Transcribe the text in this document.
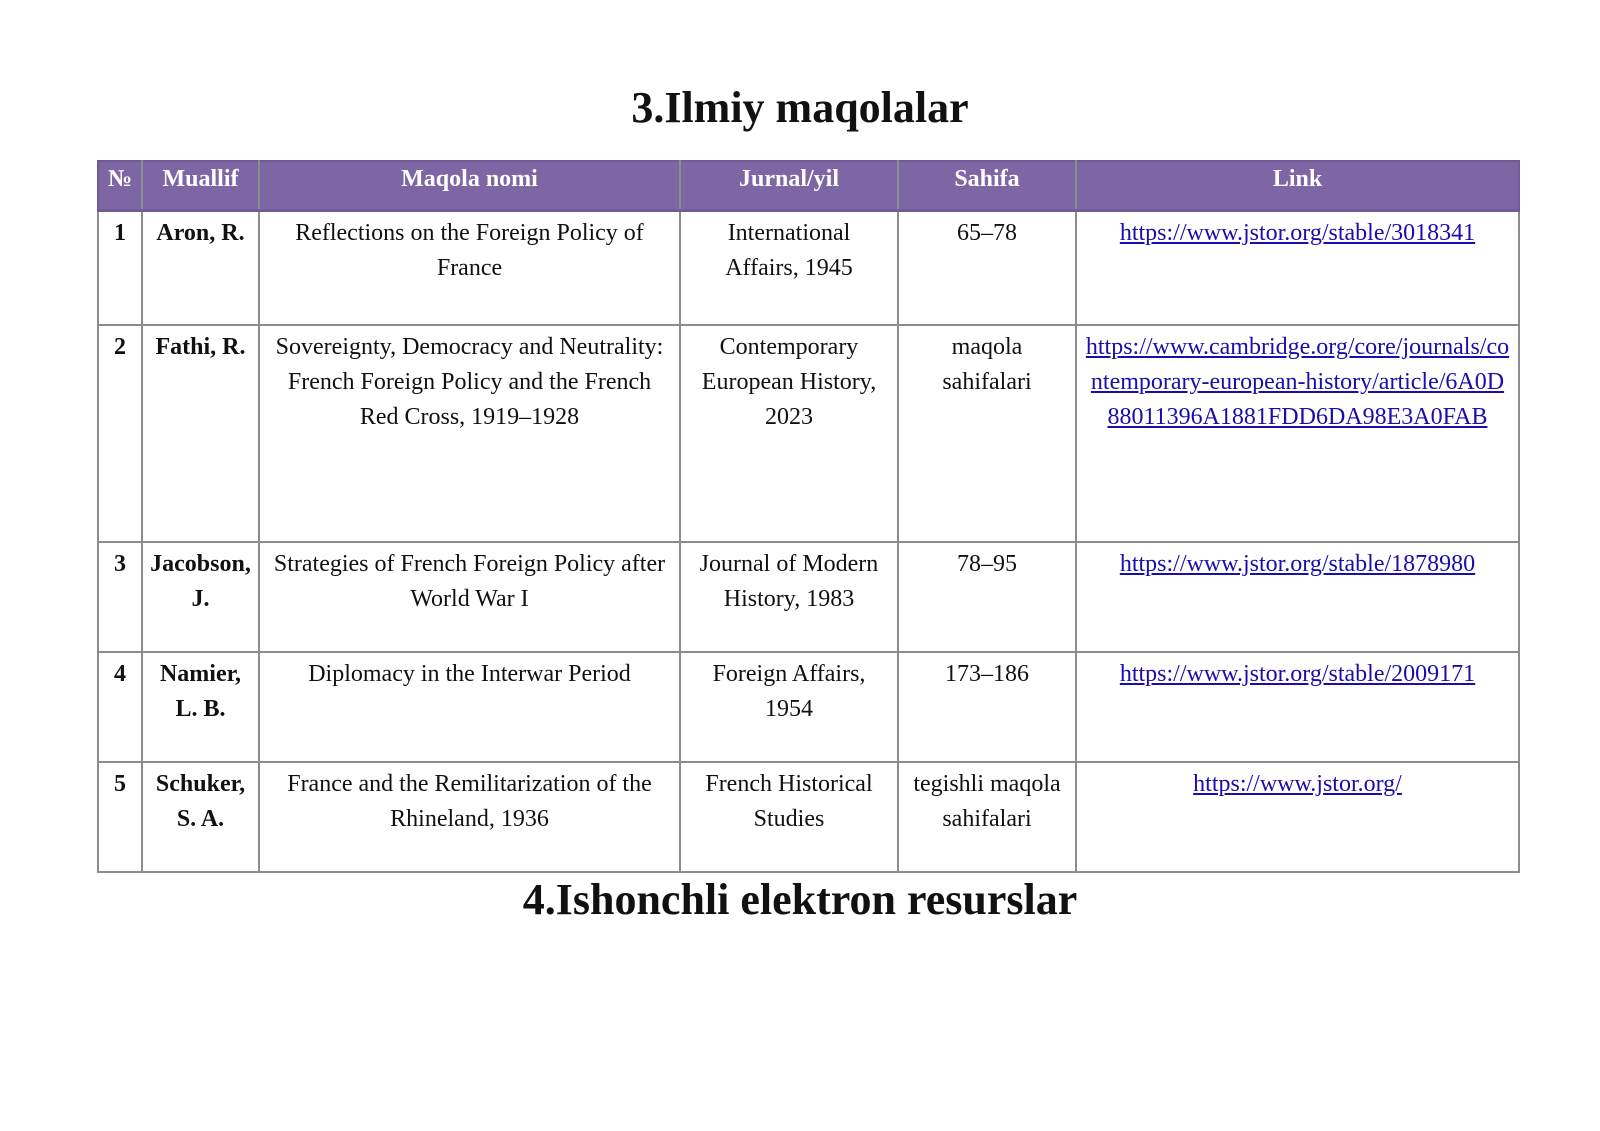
3.Ilmiy maqolalar
№	Muallif	Maqola nomi	Jurnal/yil	Sahifa	Link
1	Aron, R.	Reflections on the Foreign Policy of France	International Affairs, 1945	65–78	https://www.jstor.org/stable/3018341
2	Fathi, R.	Sovereignty, Democracy and Neutrality: French Foreign Policy and the French Red Cross, 1919–1928	Contemporary European History, 2023	maqola sahifalari	https://www.cambridge.org/core/journals/contemporary-european-history/article/6A0D88011396A1881FDD6DA98E3A0FAB
3	Jacobson, J.	Strategies of French Foreign Policy after World War I	Journal of Modern History, 1983	78–95	https://www.jstor.org/stable/1878980
4	Namier, L. B.	Diplomacy in the Interwar Period	Foreign Affairs, 1954	173–186	https://www.jstor.org/stable/2009171
5	Schuker, S. A.	France and the Remilitarization of the Rhineland, 1936	French Historical Studies	tegishli maqola sahifalari	https://www.jstor.org/
4.Ishonchli elektron resurslar
